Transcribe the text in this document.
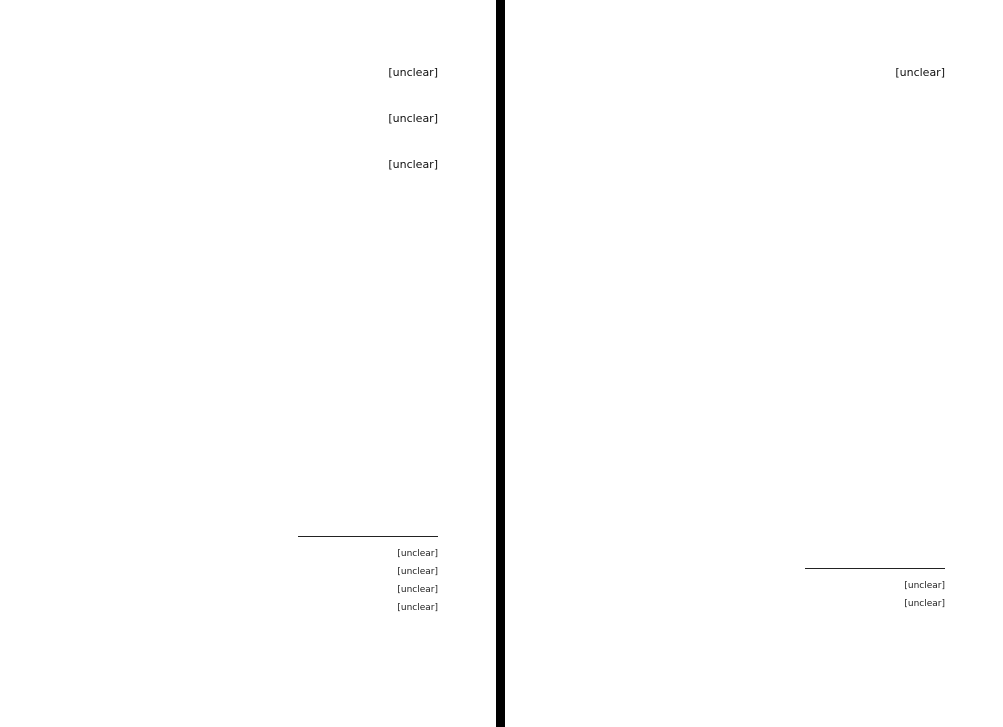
[unclear]

[unclear]

[unclear]

[unclear]

[unclear]

[unclear]

[unclear]

[unclear]

[unclear]

[unclear]
